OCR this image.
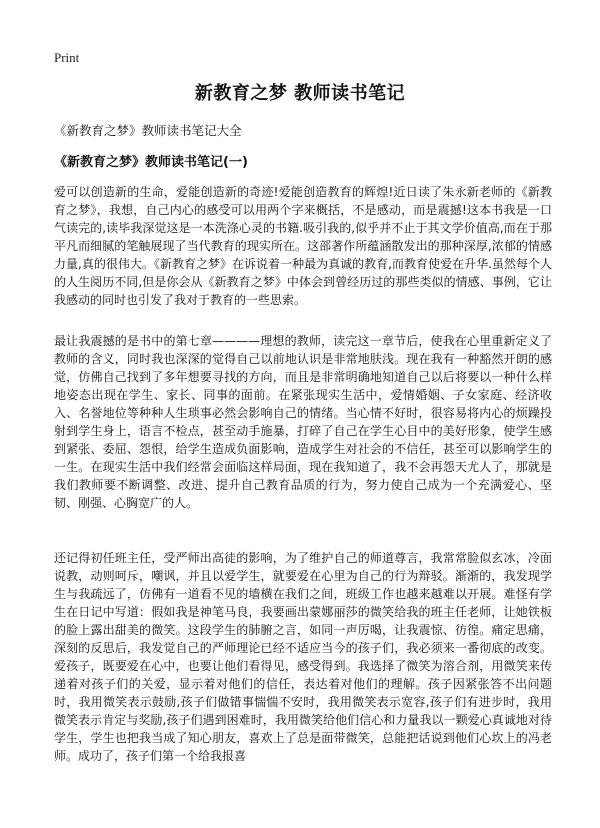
Print
新教育之梦 教师读书笔记
《新教育之梦》教师读书笔记大全
《新教育之梦》教师读书笔记(一)
爱可以创造新的生命，爱能创造新的奇迹!爱能创造教育的辉煌!近日读了朱永新老师的《新教育之梦》，我想，自己内心的感受可以用两个字来概括，不是感动，而是震撼!这本书我是一口气读完的,读毕我深觉这是一本洗涤心灵的书籍.吸引我的,似乎并不止于其文学价值高,而在于那平凡而细腻的笔触展现了当代教育的现实所在。这部著作所蕴涵散发出的那种深厚,浓郁的情感力量,真的很伟大。《新教育之梦》在诉说着一种最为真诚的教育,而教育使爱在升华.虽然每个人的人生阅历不同,但是你会从《新教育之梦》中体会到曾经历过的那些类似的情感、事例，它让我感动的同时也引发了我对于教育的一些思索。
最让我震撼的是书中的第七章————理想的教师，读完这一章节后，使我在心里重新定义了教师的含义，同时我也深深的觉得自己以前地认识是非常地肤浅。现在我有一种豁然开朗的感觉，仿佛自己找到了多年想要寻找的方向，而且是非常明确地知道自己以后将要以一种什么样地姿态出现在学生、家长、同事的面前。在紧张现实生活中，爱情婚姻、子女家庭、经济收入、名誉地位等种种人生琐事必然会影响自己的情绪。当心情不好时，很容易将内心的烦躁投射到学生身上，语言不检点，甚至动手施暴，打碎了自己在学生心目中的美好形象，使学生感到紧张、委屈、怨恨，给学生造成负面影响，造成学生对社会的不信任，甚至可以影响学生的一生。在现实生活中我们经常会面临这样局面，现在我知道了，我不会再怨天尤人了，那就是我们教师要不断调整、改进、提升自己教育品质的行为，努力使自己成为一个充满爱心、坚韧、刚强、心胸宽广的人。
还记得初任班主任，受严师出高徒的影响，为了维护自己的师道尊言，我常常脸似玄冰，冷面说教，动则呵斥，嘲讽，并且以爱学生，就要爱在心里为自己的行为辩驳。渐渐的，我发现学生与我疏远了，仿佛有一道看不见的墙横在我们之间，班级工作也越来越难以开展。难怪有学生在日记中写道：假如我是神笔马良，我要画出蒙娜丽莎的微笑给我的班主任老师，让她铁板的脸上露出甜美的微笑。这段学生的肺腑之言，如同一声厉喝，让我震惊、彷徨。痛定思痛，深刻的反思后，我发觉自己的严师理论已经不适应当今的孩子们，我必须来一番彻底的改变。爱孩子，既要爱在心中，也要让他们看得见，感受得到。我选择了微笑为溶合剂，用微笑来传递着对孩子们的关爱，显示着对他们的信任，表达着对他们的理解。孩子因紧张答不出问题时，我用微笑表示鼓励,孩子们做错事惴惴不安时，我用微笑表示宽容,孩子们有进步时，我用微笑表示肯定与奖励,孩子们遇到困难时，我用微笑给他们信心和力量我以一颗爱心真诚地对待学生，学生也把我当成了知心朋友，喜欢上了总是面带微笑，总能把话说到他们心坎上的冯老师。成功了，孩子们第一个给我报喜
